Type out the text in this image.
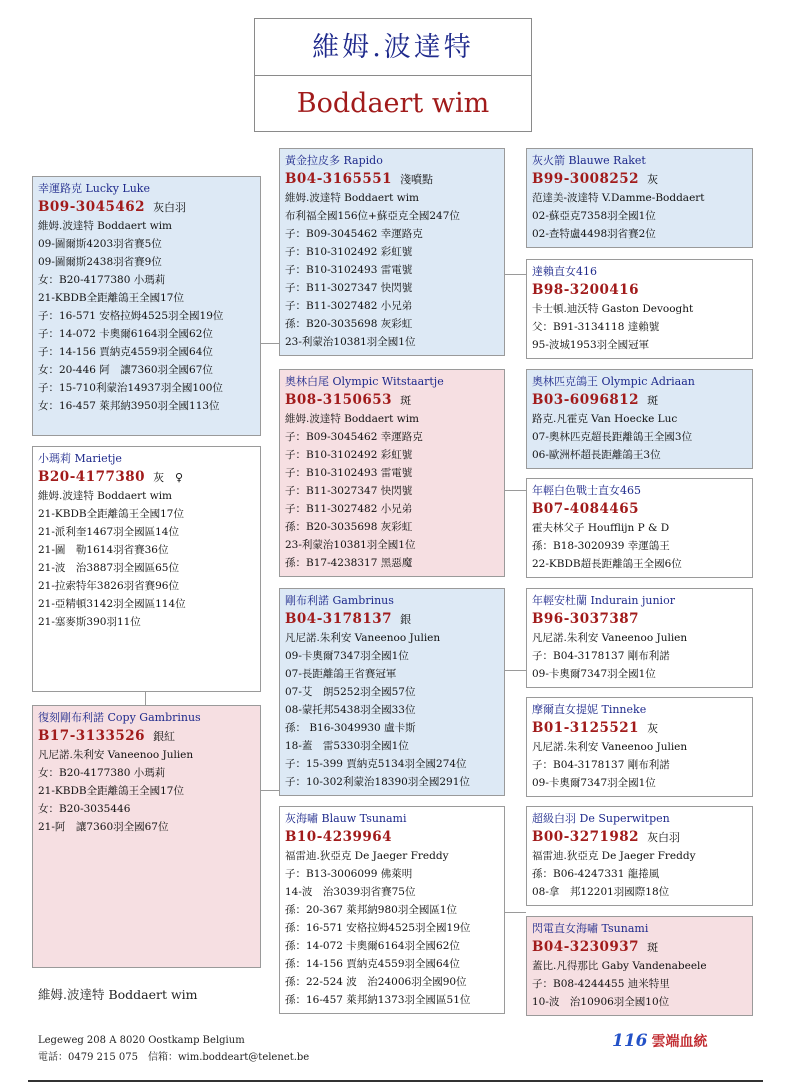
維姆.波達特
Boddaert wim
幸運路克 Lucky Luke
B09-3045462 灰白羽
維姆.波達特 Boddaert wim
09-圖爾斯4203羽省賽5位
09-圖爾斯2438羽省賽9位
女：B20-4177380 小瑪莉
21-KBDB全距離鴿王全國17位
子：16-571 安格拉姆4525羽全國19位
子：14-072 卡奧爾6164羽全國62位
子：14-156 賈納克4559羽全國64位
女：20-446 阿　讓7360羽全國67位
子：15-710利蒙治14937羽全國100位
女：16-457 萊邦納3950羽全國113位
小瑪莉 Marietje
B20-4177380 灰　♀
維姆.波達特 Boddaert wim
21-KBDB全距離鴿王全國17位
21-派利奎1467羽全國區14位
21-圖　勒1614羽省賽36位
21-波　治3887羽全國區65位
21-拉索特年3826羽省賽96位
21-亞精頓3142羽全國區114位
21-塞麥斯390羽11位
復刻剛布利諾 Copy Gambrinus
B17-3133526 銀紅
凡尼諾.朱利安 Vaneenoo Julien
女：B20-4177380 小瑪莉
21-KBDB全距離鴿王全國17位
女：B20-3035446
21-阿　讓7360羽全國67位
黃金拉皮多 Rapido
B04-3165551 淺噴點
維姆.波達特 Boddaert wim
布利福全國156位+蘇亞克全國247位
子：B09-3045462 幸運路克
子：B10-3102492 彩虹號
子：B10-3102493 雷電號
子：B11-3027347 快閃號
子：B11-3027482 小兄弟
孫：B20-3035698 灰彩虹
23-利蒙治10381羽全國1位
奧林白尾 Olympic Witstaartje
B08-3150653 斑
維姆.波達特 Boddaert wim
子：B09-3045462 幸運路克
子：B10-3102492 彩虹號
子：B10-3102493 雷電號
子：B11-3027347 快閃號
子：B11-3027482 小兄弟
孫：B20-3035698 灰彩虹
23-利蒙治10381羽全國1位
孫：B17-4238317 黑惡魔
剛布利諾 Gambrinus
B04-3178137 銀
凡尼諾.朱利安 Vaneenoo Julien
09-卡奧爾7347羽全國1位
07-長距離鴿王省賽冠軍
07-艾　朗5252羽全國57位
08-蒙托邦5438羽全國33位
孫： B16-3049930 盧卡斯
18-蓋　雷5330羽全國1位
子：15-399 賈納克5134羽全國274位
子：10-302利蒙治18390羽全國291位
灰海嘯 Blauw Tsunami
B10-4239964
福雷迪.狄亞克 De Jaeger Freddy
子：B13-3006099 佛萊明
14-波　治3039羽省賽75位
孫：20-367 萊邦納980羽全國區1位
孫：16-571 安格拉姆4525羽全國19位
孫：14-072 卡奧爾6164羽全國62位
孫：14-156 賈納克4559羽全國64位
孫：22-524 波　治24006羽全國90位
孫：16-457 萊邦納1373羽全國區51位
灰火箭 Blauwe Raket
B99-3008252 灰
范達美-波達特 V.Damme-Boddaert
02-蘇亞克7358羽全國1位
02-查特盧4498羽省賽2位
達賴直女416
B98-3200416
卡士頓.迪沃特 Gaston Devooght
父：B91-3134118 達賴號
95-波城1953羽全國冠軍
奧林匹克鴿王 Olympic Adriaan
B03-6096812 斑
路克.凡霍克 Van Hoecke Luc
07-奧林匹克超長距離鴿王全國3位
06-歐洲杯超長距離鴿王3位
年輕白色戰士直女465
B07-4084465
霍夫林父子 Houfflijn P & D
孫：B18-3020939 幸運鴿王
22-KBDB超長距離鴿王全國6位
年輕安杜蘭 Indurain junior
B96-3037387
凡尼諾.朱利安 Vaneenoo Julien
子：B04-3178137 剛布利諾
09-卡奧爾7347羽全國1位
摩爾直女提妮 Tinneke
B01-3125521 灰
凡尼諾.朱利安 Vaneenoo Julien
子：B04-3178137 剛布利諾
09-卡奧爾7347羽全國1位
超級白羽 De Superwitpen
B00-3271982 灰白羽
福雷迪.狄亞克 De Jaeger Freddy
孫：B06-4247331 龍捲風
08-拿　邦12201羽國際18位
閃電直女海嘯 Tsunami
B04-3230937 斑
蓋比.凡得那比 Gaby Vandenabeele
子：B08-4244455 迪米特里
10-波　治10906羽全國10位
維姆.波達特 Boddaert wim
Legeweg 208 A 8020 Oostkamp Belgium
電話：0479 215 075　信箱：wim.boddeart@telenet.be
116 雲端血統
